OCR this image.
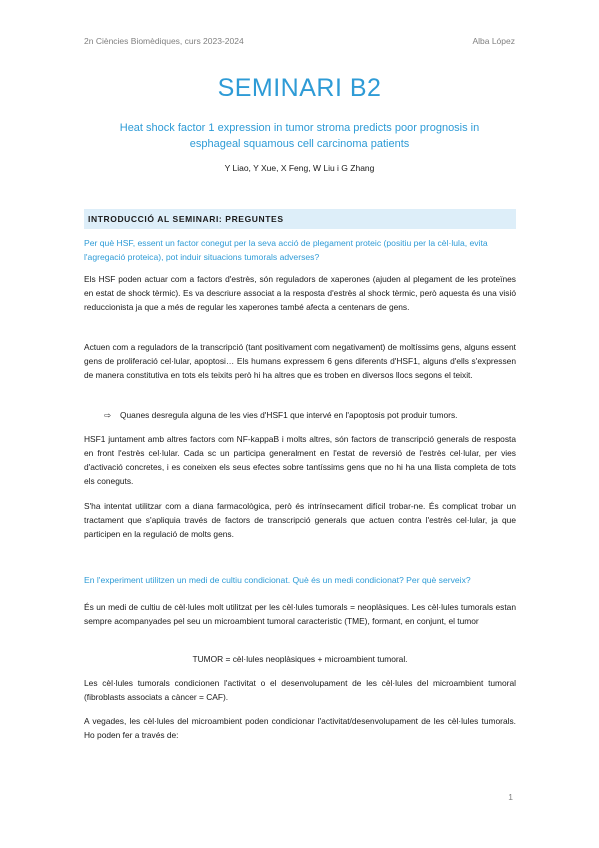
2n Ciències Biomèdiques, curs 2023-2024	Alba López
SEMINARI B2
Heat shock factor 1 expression in tumor stroma predicts poor prognosis in esphageal squamous cell carcinoma patients
Y Liao, Y Xue, X Feng, W Liu i G Zhang
INTRODUCCIÓ AL SEMINARI: PREGUNTES
Per què HSF, essent un factor conegut per la seva acció de plegament proteic (positiu per la cèl·lula, evita l'agregació proteica), pot induir situacions tumorals adverses?
Els HSF poden actuar com a factors d'estrès, són reguladors de xaperones (ajuden al plegament de les proteïnes en estat de shock tèrmic). Es va descriure associat a la resposta d'estrès al shock tèrmic, però aquesta és una visió reduccionista ja que a més de regular les xaperones també afecta a centenars de gens.
Actuen com a reguladors de la transcripció (tant positivament com negativament) de moltíssims gens, alguns essent gens de proliferació cel·lular, apoptosi… Els humans expressem 6 gens diferents d'HSF1, alguns d'ells s'expressen de manera constitutiva en tots els teixits però hi ha altres que es troben en diversos llocs segons el teixit.
⇨ Quanes desregula alguna de les vies d'HSF1 que intervé en l'apoptosis pot produir tumors.
HSF1 juntament amb altres factors com NF-kappaB i molts altres, són factors de transcripció generals de resposta en front l'estrès cel·lular. Cada sc un participa generalment en l'estat de reversió de l'estrès cel·lular, per vies d'activació concretes, i es coneixen els seus efectes sobre tantíssims gens que no hi ha una llista completa de tots els coneguts.
S'ha intentat utilitzar com a diana farmacològica, però és intrínsecament difícil trobar-ne. És complicat trobar un tractament que s'apliquia través de factors de transcripció generals que actuen contra l'estrès cel·lular, ja que participen en la regulació de molts gens.
En l'experiment utilitzen un medi de cultiu condicionat. Què és un medi condicionat? Per què serveix?
És un medi de cultiu de cèl·lules molt utilitzat per les cèl·lules tumorals = neoplàsiques. Les cèl·lules tumorals estan sempre acompanyades pel seu un microambient tumoral caracteristic (TME), formant, en conjunt, el tumor
TUMOR = cèl·lules neoplàsiques + microambient tumoral.
Les cèl·lules tumorals condicionen l'activitat o el desenvolupament de les cèl·lules del microambient tumoral (fibroblasts associats a càncer = CAF).
A vegades, les cèl·lules del microambient poden condicionar l'activitat/desenvolupament de les cèl·lules tumorals. Ho poden fer a través de:
1
